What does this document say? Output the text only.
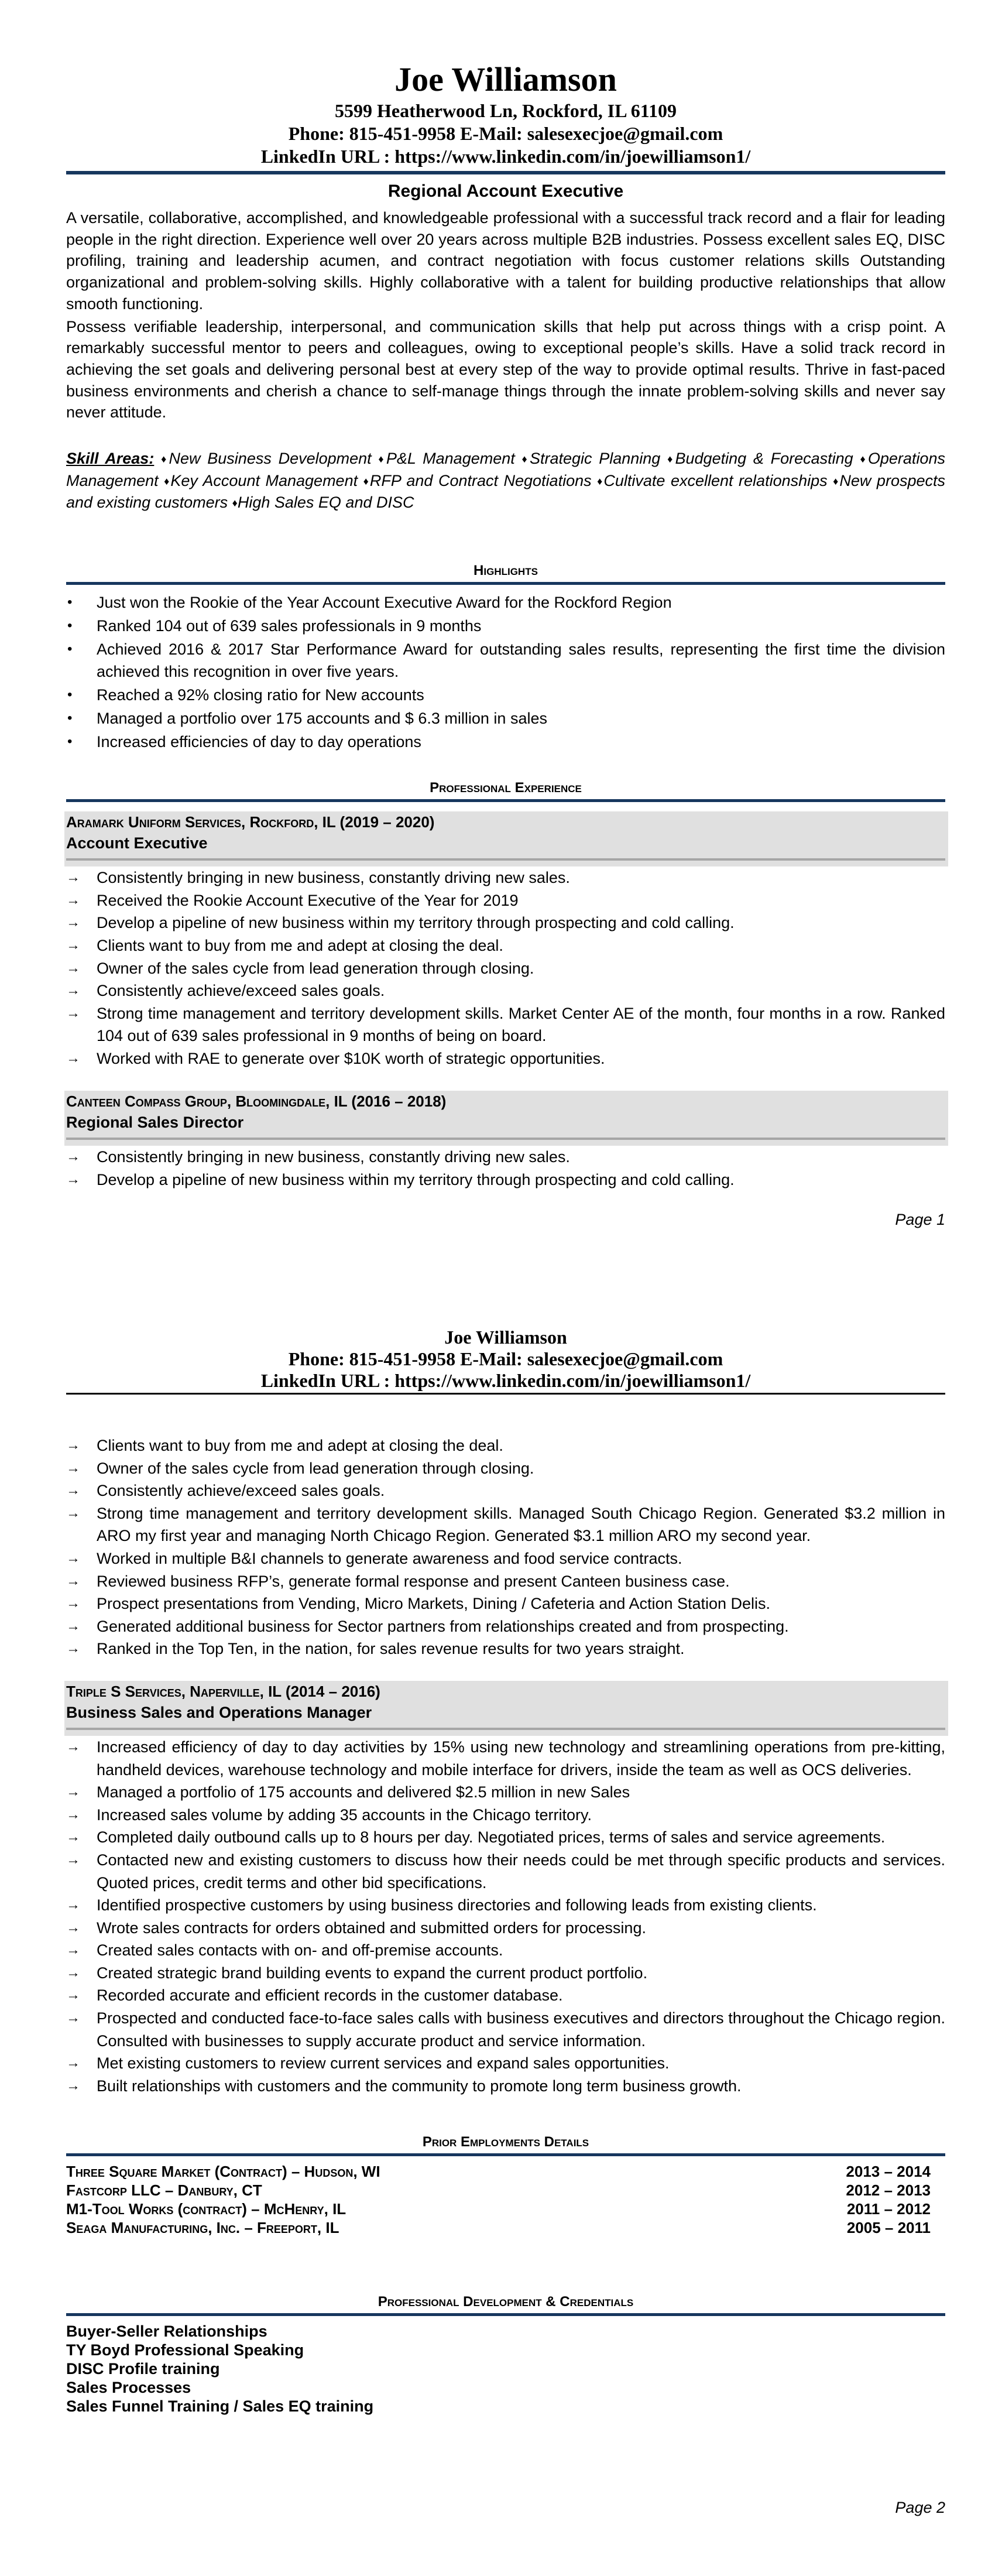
Joe Williamson
5599 Heatherwood Ln, Rockford, IL 61109
Phone: 815-451-9958 E-Mail: salesexecjoe@gmail.com
LinkedIn URL : https://www.linkedin.com/in/joewilliamson1/
Regional Account Executive

A versatile, collaborative, accomplished, and knowledgeable professional with a successful track record and a flair for leading people in the right direction. Experience well over 20 years across multiple B2B industries. Possess excellent sales EQ, DISC profiling, training and leadership acumen, and contract negotiation with focus customer relations skills Outstanding organizational and problem-solving skills. Highly collaborative with a talent for building productive relationships that allow smooth functioning.

Possess verifiable leadership, interpersonal, and communication skills that help put across things with a crisp point. A remarkably successful mentor to peers and colleagues, owing to exceptional people’s skills. Have a solid track record in achieving the set goals and delivering personal best at every step of the way to provide optimal results. Thrive in fast-paced business environments and cherish a chance to self-manage things through the innate problem-solving skills and never say never attitude.

Skill Areas: ♦New Business Development ♦P&L Management ♦Strategic Planning ♦Budgeting & Forecasting ♦Operations Management ♦Key Account Management ♦RFP and Contract Negotiations ♦Cultivate excellent relationships ♦New prospects and existing customers ♦High Sales EQ and DISC
Highlights
• Just won the Rookie of the Year Account Executive Award for the Rockford Region
• Ranked 104 out of 639 sales professionals in 9 months
• Achieved 2016 & 2017 Star Performance Award for outstanding sales results, representing the first time the division achieved this recognition in over five years.
• Reached a 92% closing ratio for New accounts
• Managed a portfolio over 175 accounts and $ 6.3 million in sales
• Increased efficiencies of day to day operations
Professional Experience
Aramark Uniform Services, Rockford, IL (2019 – 2020)
Account Executive
→ Consistently bringing in new business, constantly driving new sales.
→ Received the Rookie Account Executive of the Year for 2019
→ Develop a pipeline of new business within my territory through prospecting and cold calling.
→ Clients want to buy from me and adept at closing the deal.
→ Owner of the sales cycle from lead generation through closing.
→ Consistently achieve/exceed sales goals.
→ Strong time management and territory development skills. Market Center AE of the month, four months in a row. Ranked 104 out of 639 sales professional in 9 months of being on board.
→ Worked with RAE to generate over $10K worth of strategic opportunities.
Canteen Compass Group, Bloomingdale, IL (2016 – 2018)
Regional Sales Director
→ Consistently bringing in new business, constantly driving new sales.
→ Develop a pipeline of new business within my territory through prospecting and cold calling.
Page 1
Joe Williamson
Phone: 815-451-9958 E-Mail: salesexecjoe@gmail.com
LinkedIn URL : https://www.linkedin.com/in/joewilliamson1/
→ Clients want to buy from me and adept at closing the deal.
→ Owner of the sales cycle from lead generation through closing.
→ Consistently achieve/exceed sales goals.
→ Strong time management and territory development skills. Managed South Chicago Region. Generated $3.2 million in ARO my first year and managing North Chicago Region. Generated $3.1 million ARO my second year.
→ Worked in multiple B&I channels to generate awareness and food service contracts.
→ Reviewed business RFP’s, generate formal response and present Canteen business case.
→ Prospect presentations from Vending, Micro Markets, Dining / Cafeteria and Action Station Delis.
→ Generated additional business for Sector partners from relationships created and from prospecting.
→ Ranked in the Top Ten, in the nation, for sales revenue results for two years straight.
Triple S Services, Naperville, IL (2014 – 2016)
Business Sales and Operations Manager
→ Increased efficiency of day to day activities by 15% using new technology and streamlining operations from pre-kitting, handheld devices, warehouse technology and mobile interface for drivers, inside the team as well as OCS deliveries.
→ Managed a portfolio of 175 accounts and delivered $2.5 million in new Sales
→ Increased sales volume by adding 35 accounts in the Chicago territory.
→ Completed daily outbound calls up to 8 hours per day. Negotiated prices, terms of sales and service agreements.
→ Contacted new and existing customers to discuss how their needs could be met through specific products and services. Quoted prices, credit terms and other bid specifications.
→ Identified prospective customers by using business directories and following leads from existing clients.
→ Wrote sales contracts for orders obtained and submitted orders for processing.
→ Created sales contacts with on- and off-premise accounts.
→ Created strategic brand building events to expand the current product portfolio.
→ Recorded accurate and efficient records in the customer database.
→ Prospected and conducted face-to-face sales calls with business executives and directors throughout the Chicago region. Consulted with businesses to supply accurate product and service information.
→ Met existing customers to review current services and expand sales opportunities.
→ Built relationships with customers and the community to promote long term business growth.
Prior Employments Details
Three Square Market (Contract) – Hudson, WI	2013 – 2014
Fastcorp LLC – Danbury, CT	2012 – 2013
M1-Tool Works (contract) – McHenry, IL	2011 – 2012
Seaga Manufacturing, Inc. – Freeport, IL	2005 – 2011
Professional Development & Credentials
Buyer-Seller Relationships
TY Boyd Professional Speaking
DISC Profile training
Sales Processes
Sales Funnel Training / Sales EQ training
Page 2
